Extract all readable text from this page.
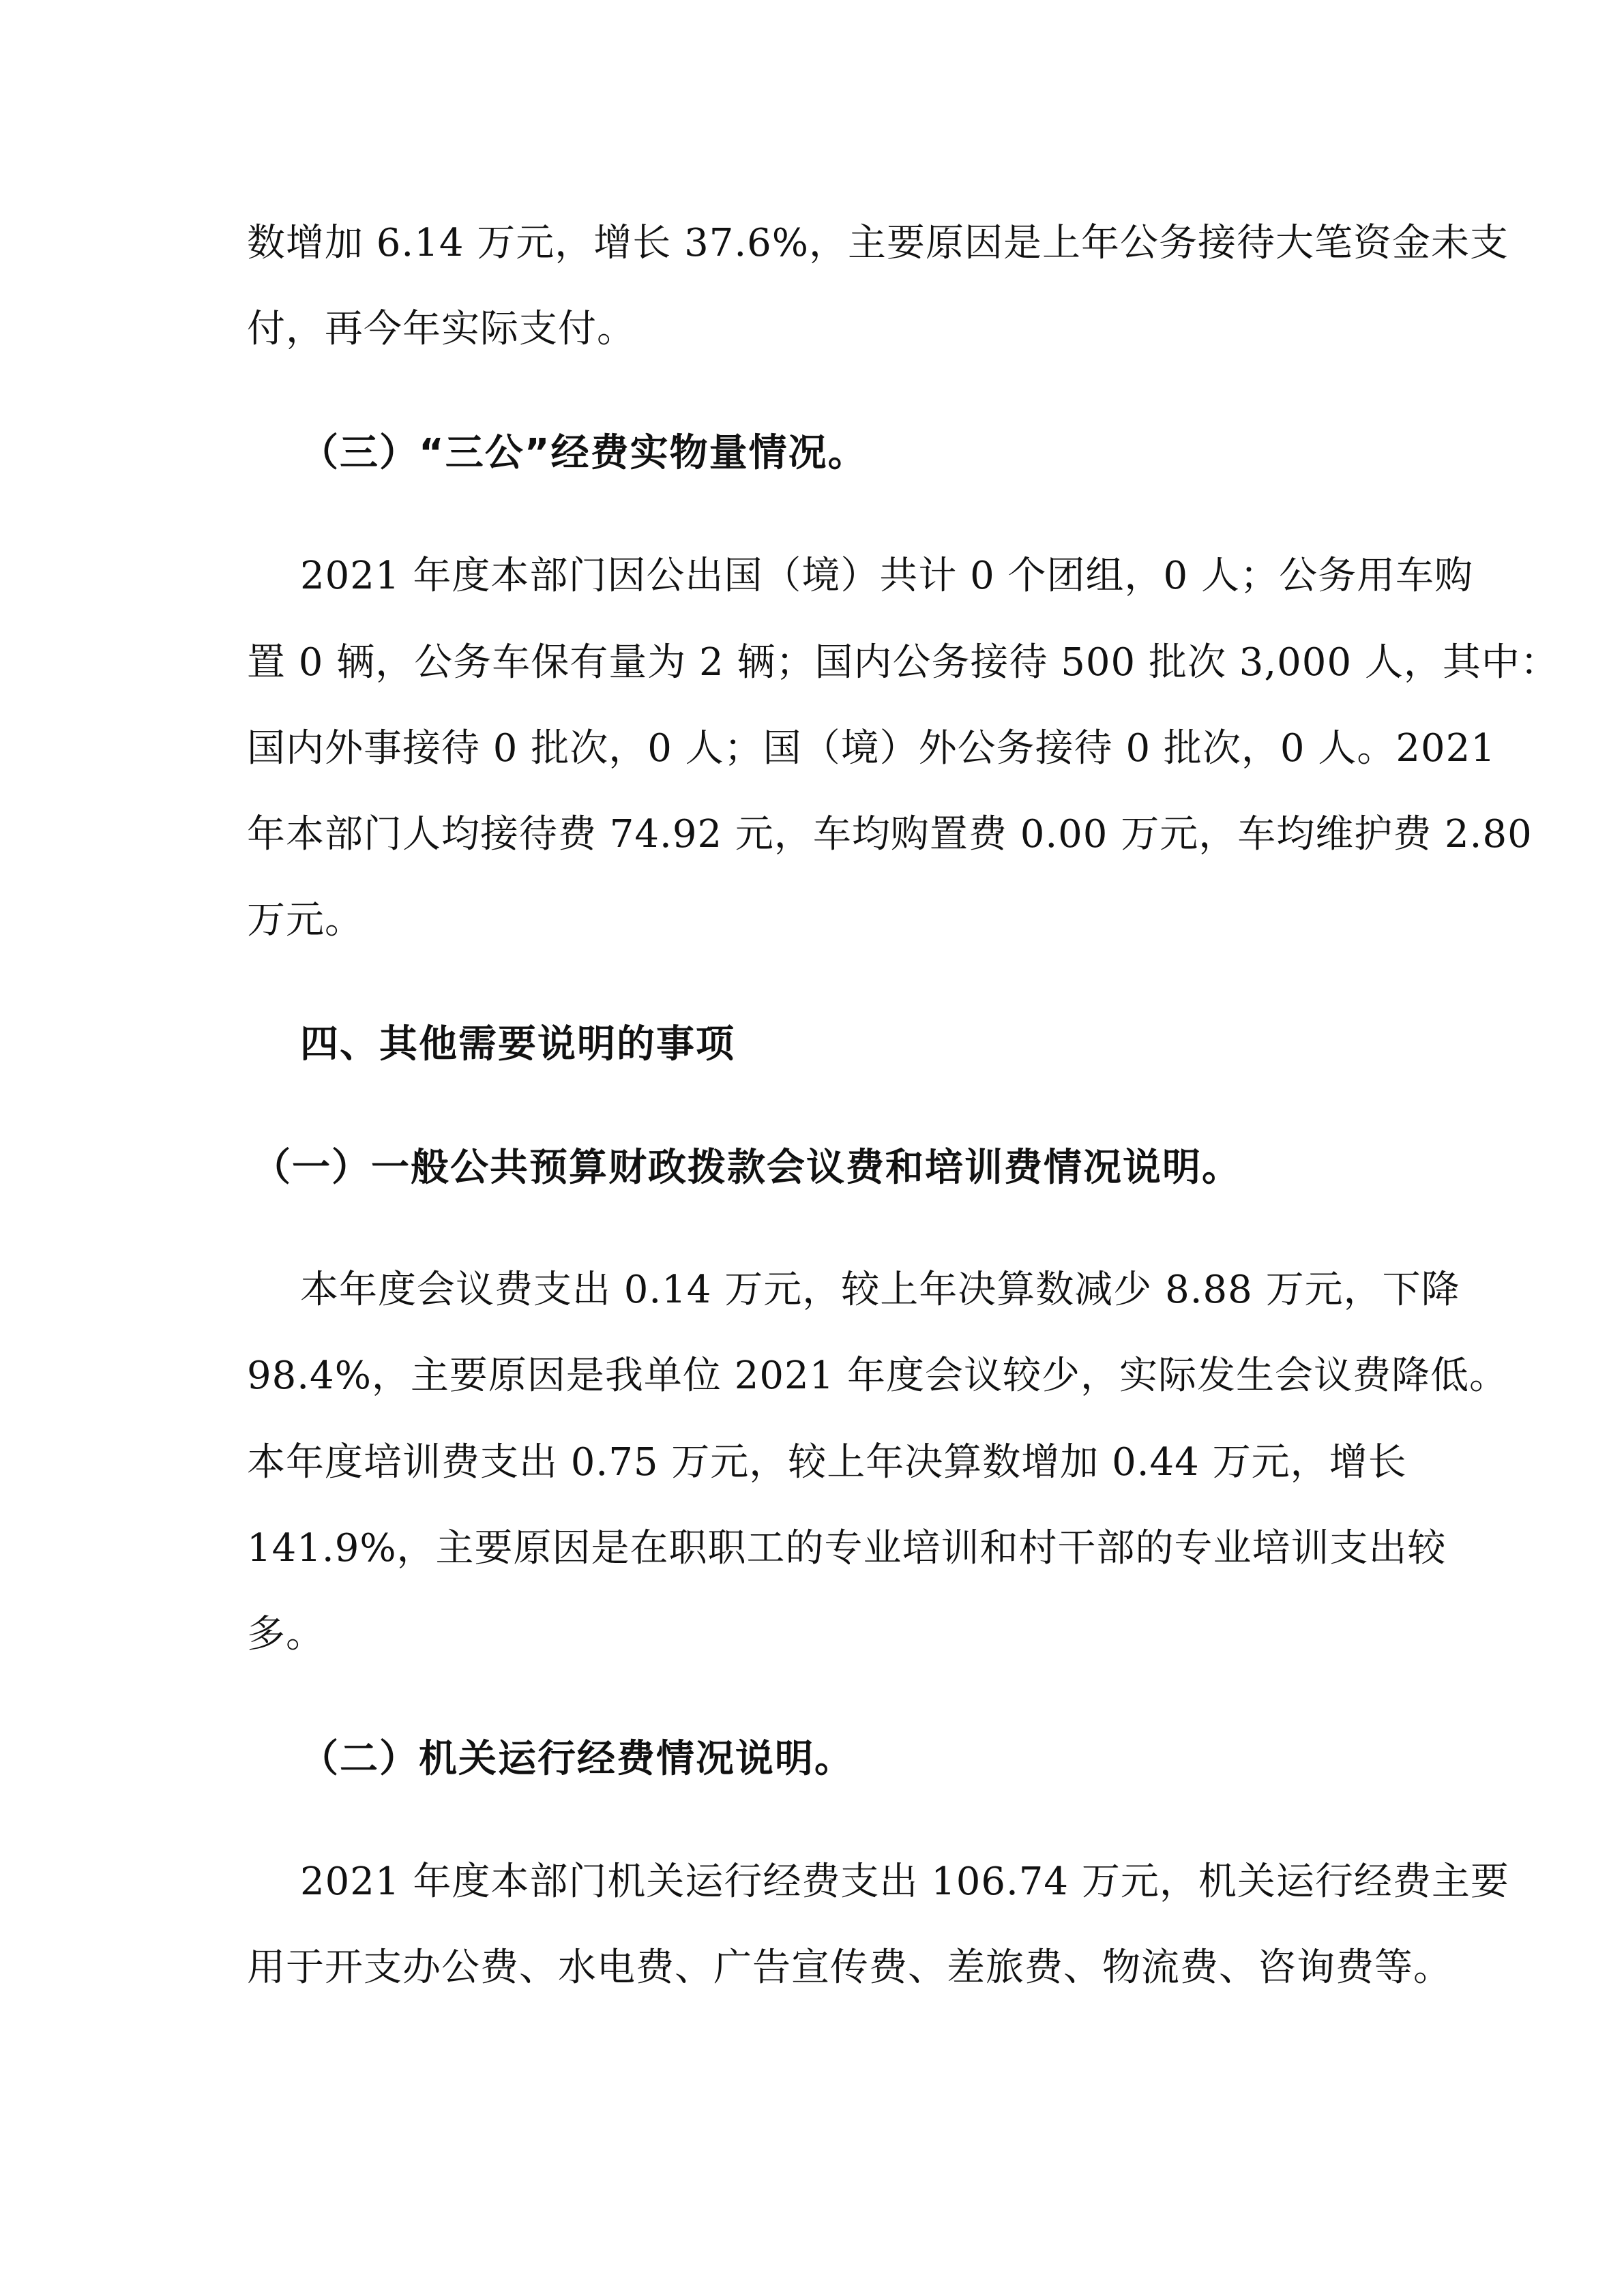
数增加 6.14 万元，增长 37.6%，主要原因是上年公务接待大笔资金未支
付，再今年实际支付。
（三）“三公”经费实物量情况。
2021 年度本部门因公出国（境）共计 0 个团组，0 人；公务用车购
置 0 辆，公务车保有量为 2 辆；国内公务接待 500 批次 3,000 人，其中：
国内外事接待 0 批次，0 人；国（境）外公务接待 0 批次，0 人。2021
年本部门人均接待费 74.92 元，车均购置费 0.00 万元，车均维护费 2.80
万元。
四、其他需要说明的事项
（一）一般公共预算财政拨款会议费和培训费情况说明。
本年度会议费支出 0.14 万元，较上年决算数减少 8.88 万元，下降
98.4%，主要原因是我单位 2021 年度会议较少，实际发生会议费降低。
本年度培训费支出 0.75 万元，较上年决算数增加 0.44 万元，增长
141.9%，主要原因是在职职工的专业培训和村干部的专业培训支出较
多。
（二）机关运行经费情况说明。
2021 年度本部门机关运行经费支出 106.74 万元，机关运行经费主要
用于开支办公费、水电费、广告宣传费、差旅费、物流费、咨询费等。
